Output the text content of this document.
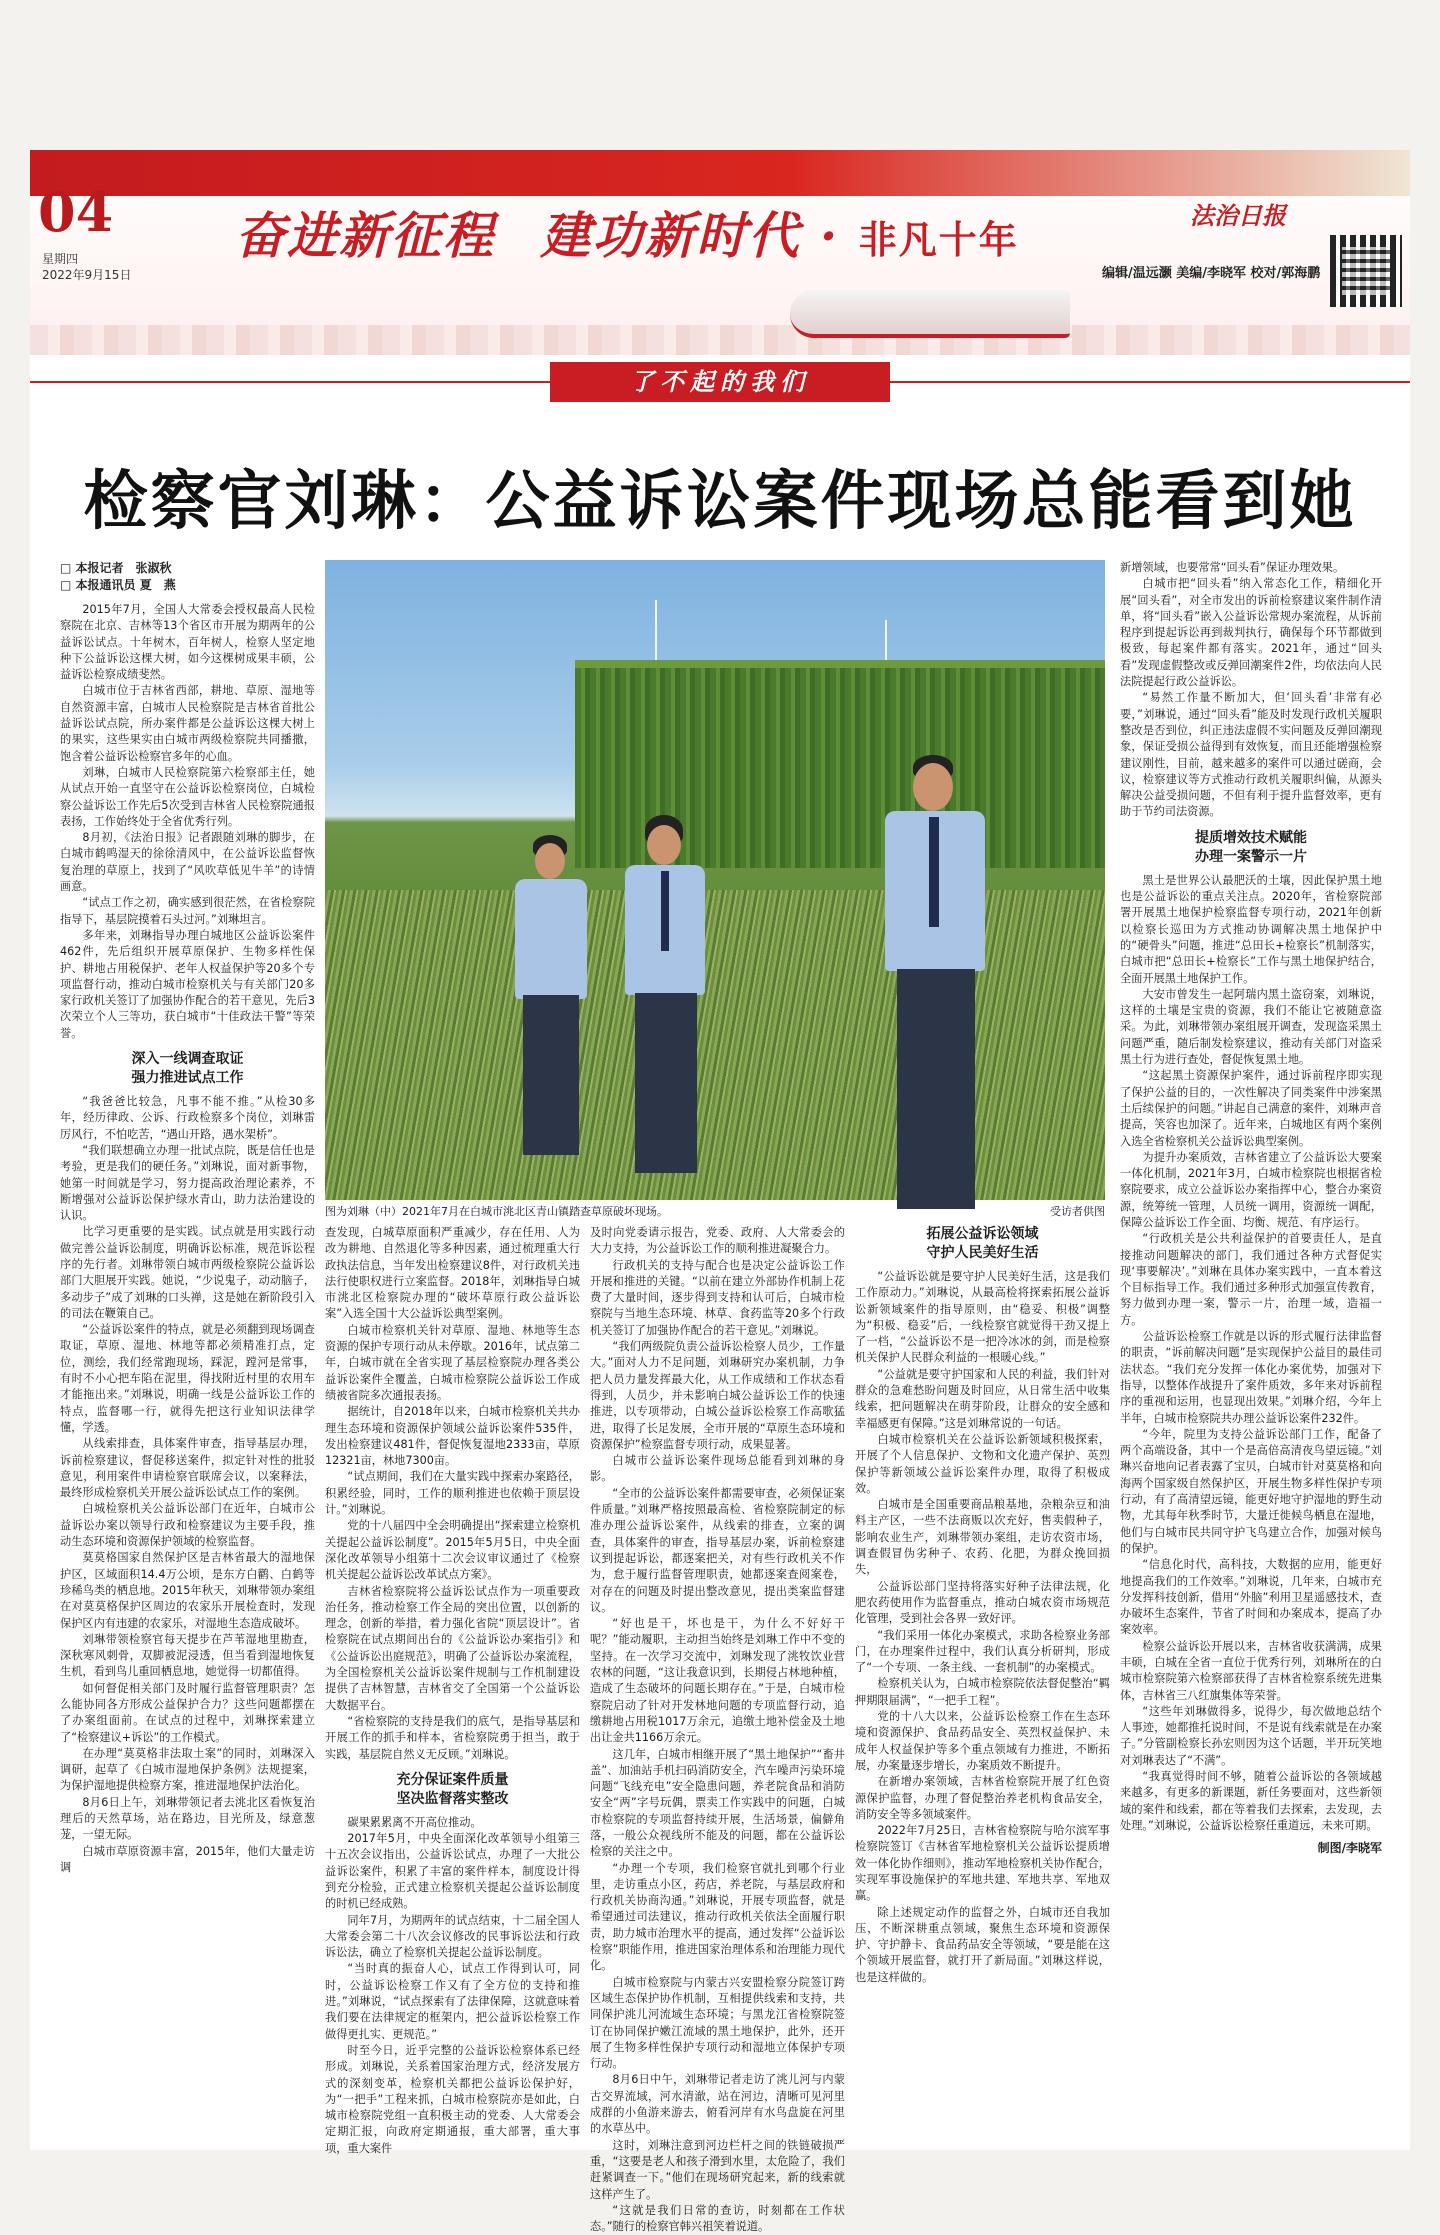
04
星期四
2022年9月15日
奋进新征程 建功新时代 · 非凡十年
法治日报
编辑/温远灏 美编/李晓军 校对/郭海鹏
了不起的我们
检察官刘琳：公益诉讼案件现场总能看到她
□ 本报记者　张淑秋
□ 本报通讯员 夏　燕
图为刘琳（中）2021年7月在白城市洮北区青山镇踏查草原破坏现场。	受访者供图

2015年7月，全国人大常委会授权最高人民检察院在北京、吉林等13个省区市开展为期两年的公益诉讼试点。十年树木，百年树人，检察人坚定地种下公益诉讼这棵大树，如今这棵树成果丰硕，公益诉讼检察成绩斐然。

白城市位于吉林省西部，耕地、草原、湿地等自然资源丰富，白城市人民检察院是吉林省首批公益诉讼试点院，所办案件都是公益诉讼这棵大树上的果实，这些果实由白城市两级检察院共同播撒，饱含着公益诉讼检察官多年的心血。

刘琳，白城市人民检察院第六检察部主任，她从试点开始一直坚守在公益诉讼检察岗位，白城检察公益诉讼工作先后5次受到吉林省人民检察院通报表扬，工作始终处于全省优秀行列。

8月初，《法治日报》记者跟随刘琳的脚步，在白城市鹤鸣湿天的徐徐清风中，在公益诉讼监督恢复治理的草原上，找到了“风吹草低见牛羊”的诗情画意。

“试点工作之初，确实感到很茫然，在省检察院指导下，基层院摸着石头过河。”刘琳坦言。

多年来，刘琳指导办理白城地区公益诉讼案件462件，先后组织开展草原保护、生物多样性保护、耕地占用税保护、老年人权益保护等20多个专项监督行动，推动白城市检察机关与有关部门20多家行政机关签订了加强协作配合的若干意见，先后3次荣立个人三等功，获白城市“十佳政法干警”等荣誉。

深入一线调查取证
强力推进试点工作

“我爸爸比较急，凡事不能不推。”从检30多年，经历律政、公诉、行政检察多个岗位，刘琳雷厉风行，不怕吃苦，“遇山开路，遇水架桥”。

“我们联想确立办理一批试点院，既是信任也是考验，更是我们的硬任务。”刘琳说，面对新事物，她第一时间就是学习，努力提高政治理论素养，不断增强对公益诉讼保护绿水青山，助力法治建设的认识。

比学习更重要的是实践。试点就是用实践行动做完善公益诉讼制度，明确诉讼标准，规范诉讼程序的先行者。刘琳带领白城市两级检察院公益诉讼部门大胆展开实践。她说，“少说鬼子，动动脑子，多动步子”成了刘琳的口头禅，这是她在新阶段引入的司法在鞭策自己。

“公益诉讼案件的特点，就是必须翻到现场调查取证，草原、湿地、林地等都必须精准打点，定位，测绘，我们经常跑现场，踩泥，蹚河是常事，有时不小心把车陷在泥里，得找附近村里的农用车才能拖出来。”刘琳说，明确一线是公益诉讼工作的特点，监督哪一行，就得先把这行业知识法律学懂，学透。

从线索排查，具体案件审查，指导基层办理，诉前检察建议，督促移送案件，拟定针对性的批驳意见，利用案件申请检察官联席会议，以案释法，最终形成检察机关开展公益诉讼试点工作的案例。

白城检察机关公益诉讼部门在近年，白城市公益诉讼办案以领导行政和检察建议为主要手段，推动生态环境和资源保护领域的检察监督。

莫莫格国家自然保护区是吉林省最大的湿地保护区，区域面积14.4万公顷，是东方白鹳、白鹤等珍稀鸟类的栖息地。2015年秋天，刘琳带领办案组在对莫莫格保护区周边的农家乐开展检查时，发现保护区内有违建的农家乐，对湿地生态造成破坏。

刘琳带领检察官每天提步在芦苇湿地里勘查，深秋寒风刺骨，双脚被泥浸透，但当看到湿地恢复生机，看到鸟儿重回栖息地，她觉得一切都值得。

如何督促相关部门及时履行监督管理职责？怎么能协同各方形成公益保护合力？这些问题都摆在了办案组面前。在试点的过程中，刘琳探索建立了“检察建议+诉讼”的工作模式。

在办理“莫莫格非法取土案”的同时，刘琳深入调研，起草了《白城市湿地保护条例》法规提案，为保护湿地提供检察方案，推进湿地保护法治化。

8月6日上午，刘琳带领记者去洮北区看恢复治理后的天然草场，站在路边，目光所及，绿意葱茏，一望无际。

白城市草原资源丰富，2015年，他们大量走访调

查发现，白城草原面积严重减少，存在任用、人为改为耕地、自然退化等多种因素，通过梳理重大行政执法信息，当年发出检察建议8件，对行政机关违法行使职权进行立案监督。2018年，刘琳指导白城市洮北区检察院办理的“破坏草原行政公益诉讼案”入选全国十大公益诉讼典型案例。

白城市检察机关针对草原、湿地、林地等生态资源的保护专项行动从未停歇。2016年，试点第二年，白城市就在全省实现了基层检察院办理各类公益诉讼案件全覆盖，白城市检察院公益诉讼工作成绩被省院多次通报表扬。

据统计，自2018年以来，白城市检察机关共办理生态环境和资源保护领域公益诉讼案件535件，发出检察建议481件，督促恢复湿地2333亩，草原12321亩，林地7300亩。

“试点期间，我们在大量实践中探索办案路径，积累经验，同时，工作的顺利推进也依赖于顶层设计。”刘琳说。

党的十八届四中全会明确提出“探索建立检察机关提起公益诉讼制度”。2015年5月5日，中央全面深化改革领导小组第十二次会议审议通过了《检察机关提起公益诉讼改革试点方案》。

吉林省检察院将公益诉讼试点作为一项重要政治任务，推动检察工作全局的突出位置，以创新的理念，创新的举措，着力强化省院“顶层设计”。省检察院在试点期间出台的《公益诉讼办案指引》和《公益诉讼出庭规范》，明确了公益诉讼办案流程，为全国检察机关公益诉讼案件规制与工作机制建设提供了吉林智慧，吉林省交了全国第一个公益诉讼大数据平台。

“省检察院的支持是我们的底气，是指导基层和开展工作的抓手和样本，省检察院勇于担当，敢于实践，基层院自然义无反顾。”刘琳说。

充分保证案件质量
坚决监督落实整改

碳果累累离不开高位推动。

2017年5月，中央全面深化改革领导小组第三十五次会议指出，公益诉讼试点，办理了一大批公益诉讼案件，积累了丰富的案件样本，制度设计得到充分检验，正式建立检察机关提起公益诉讼制度的时机已经成熟。

同年7月，为期两年的试点结束，十二届全国人大常委会第二十八次会议修改的民事诉讼法和行政诉讼法，确立了检察机关提起公益诉讼制度。

“当时真的振奋人心，试点工作得到认可，同时，公益诉讼检察工作又有了全方位的支持和推进。”刘琳说，“试点探索有了法律保障，这就意味着我们要在法律规定的框架内，把公益诉讼检察工作做得更扎实、更规范。”

时至今日，近乎完整的公益诉讼检察体系已经形成。刘琳说，关系着国家治理方式，经济发展方式的深刻变革，检察机关都把公益诉讼保护好，为“一把手”工程来抓，白城市检察院亦是如此，白城市检察院党组一直积极主动的党委、人大常委会定期汇报，向政府定期通报，重大部署，重大事项，重大案件

及时向党委请示报告，党委、政府、人大常委会的大力支持，为公益诉讼工作的顺利推进凝聚合力。

行政机关的支持与配合也是决定公益诉讼工作开展和推进的关键。“以前在建立外部协作机制上花费了大量时间，逐步得到支持和认可后，白城市检察院与当地生态环境、林草、食药监等20多个行政机关签订了加强协作配合的若干意见。”刘琳说。

“我们两级院负责公益诉讼检察人员少，工作量大。”面对人力不足问题，刘琳研究办案机制，力争把人员力量发挥最大化，从工作成绩和工作状态看得到，人员少，并未影响白城公益诉讼工作的快速推进，以专项带动，白城公益诉讼检察工作高歌猛进，取得了长足发展，全市开展的“草原生态环境和资源保护”检察监督专项行动，成果显著。

白城市公益诉讼案件现场总能看到刘琳的身影。

“全市的公益诉讼案件都需要审查，必须保证案件质量。”刘琳严格按照最高检、省检察院制定的标准办理公益诉讼案件，从线索的排查，立案的调查，具体案件的审查，指导基层办案，诉前检察建议到提起诉讼，都逐案把关，对有些行政机关不作为，怠于履行监督管理职责，她都逐案查阅案卷，对存在的问题及时提出整改意见，提出类案监督建议。

“好也是干，坏也是干，为什么不好好干呢？”能动履职，主动担当始终是刘琳工作中不变的坚持。在一次学习交流中，刘琳发现了洮牧饮业营农林的问题，“这让我意识到，长期侵占林地种植，造成了生态破坏的问题长期存在。”于是，白城市检察院启动了针对开发林地问题的专项监督行动，追缴耕地占用税1017万余元，追缴土地补偿金及土地出让金共1166万余元。

这几年，白城市相继开展了“黑土地保护”“畜井盖”、加油站手机扫码消防安全，汽车噪声污染环境问题“飞线充电”安全隐患问题，养老院食品和消防安全“两”字号玩偶，票卖工作实践中的问题，白城市检察院的专项监督持续开展，生活场景，偏僻角落，一般公众视线所不能及的问题，都在公益诉讼检察的关注之中。

“办理一个专项，我们检察官就扎到哪个行业里，走访重点小区，药店，养老院，与基层政府和行政机关协商沟通。”刘琳说，开展专项监督，就是希望通过司法建议，推动行政机关依法全面履行职责，助力城市治理水平的提高，通过发挥“公益诉讼检察”职能作用，推进国家治理体系和治理能力现代化。

白城市检察院与内蒙古兴安盟检察分院签订跨区域生态保护协作机制，互相提供线索和支持，共同保护洮儿河流域生态环境；与黑龙江省检察院签订在协同保护嫩江流域的黑土地保护，此外，还开展了生物多样性保护专项行动和湿地立体保护专项行动。

8月6日中午，刘琳带记者走访了洮儿河与内蒙古交界流域，河水清澈，站在河边，清晰可见河里成群的小鱼游来游去，俯看河岸有水鸟盘旋在河里的水草丛中。

这时，刘琳注意到河边栏杆之间的铁链破损严重，“这要是老人和孩子滑到水里，太危险了，我们赶紧调查一下。”他们在现场研究起来，新的线索就这样产生了。

“这就是我们日常的查访，时刻都在工作状态。”随行的检察官韩兴祖笑着说道。

拓展公益诉讼领域
守护人民美好生活

“公益诉讼就是要守护人民美好生活，这是我们工作原动力。”刘琳说，从最高检将探索拓展公益诉讼新领域案件的指导原则，由“稳妥、积极”调整为“积极、稳妥”后，一线检察官就觉得干劲又提上了一档，“公益诉讼不是一把冷冰冰的剑，而是检察机关保护人民群众利益的一根暖心线。”

“公益就是要守护国家和人民的利益，我们针对群众的急难愁盼问题及时回应，从日常生活中收集线索，把问题解决在萌芽阶段，让群众的安全感和幸福感更有保障。”这是刘琳常说的一句话。

白城市检察机关在公益诉讼新领域积极探索，开展了个人信息保护、文物和文化遗产保护、英烈保护等新领域公益诉讼案件办理，取得了积极成效。

白城市是全国重要商品粮基地，杂粮杂豆和油料主产区，一些不法商贩以次充好，售卖假种子，影响农业生产，刘琳带领办案组，走访农资市场，调查假冒伪劣种子、农药、化肥，为群众挽回损失，

公益诉讼部门坚持将落实好种子法律法规，化肥农药使用作为监督重点，推动白城农资市场规范化管理，受到社会各界一致好评。

“我们采用一体化办案模式，求助各检察业务部门，在办理案件过程中，我们认真分析研判，形成了“一个专项、一条主线、一套机制”的办案模式。

检察机关认为，白城市检察院依法督促整治“羁押期限届满”，“一把手工程”。

党的十八大以来，公益诉讼检察工作在生态环境和资源保护、食品药品安全、英烈权益保护、未成年人权益保护等多个重点领域有力推进，不断拓展，办案量逐步增长，办案质效不断提升。

在新增办案领域，吉林省检察院开展了红色资源保护监督，办理了督促整治养老机构食品安全，消防安全等多领域案件。

2022年7月25日，吉林省检察院与哈尔滨军事检察院签订《吉林省军地检察机关公益诉讼提质增效一体化协作细则》，推动军地检察机关协作配合，实现军事设施保护的军地共建、军地共享、军地双赢。

除上述规定动作的监督之外，白城市还自我加压，不断深耕重点领域，聚焦生态环境和资源保护、守护静卡、食品药品安全等领域，“要是能在这个领域开展监督，就打开了新局面。”刘琳这样说，也是这样做的。

新增领域，也要常常“回头看”保证办理效果。

白城市把“回头看”纳入常态化工作，精细化开展“回头看”，对全市发出的诉前检察建议案件制作清单，将“回头看”嵌入公益诉讼常规办案流程，从诉前程序到提起诉讼再到裁判执行，确保每个环节都做到极致，每起案件都有落实。2021年，通过“回头看”发现虚假整改或反弹回潮案件2件，均依法向人民法院提起行政公益诉讼。

“易然工作量不断加大，但‘回头看’非常有必要，”刘琳说，通过“回头看”能及时发现行政机关履职整改是否到位，纠正违法虚假不实问题及反弹回潮现象，保证受损公益得到有效恢复，而且还能增强检察建议刚性，目前，越来越多的案件可以通过磋商，会议，检察建议等方式推动行政机关履职纠偏，从源头解决公益受损问题，不但有利于提升监督效率，更有助于节约司法资源。

提质增效技术赋能
办理一案警示一片

黑土是世界公认最肥沃的土壤，因此保护黑土地也是公益诉讼的重点关注点。2020年，省检察院部署开展黑土地保护检察监督专项行动，2021年创新以检察长巡田为方式推动协调解决黑土地保护中的“硬骨头”问题，推进“总田长+检察长”机制落实，白城市把“总田长+检察长”工作与黑土地保护结合，全面开展黑土地保护工作。

大安市曾发生一起阿瑞内黑土盗窃案，刘琳说，这样的土壤是宝贵的资源，我们不能让它被随意盗采。为此，刘琳带领办案组展开调查，发现盗采黑土问题严重，随后制发检察建议，推动有关部门对盗采黑土行为进行查处，督促恢复黑土地。

“这起黑土资源保护案件，通过诉前程序即实现了保护公益的目的，一次性解决了同类案件中涉案黑土后续保护的问题。”讲起自己满意的案件，刘琳声音提高，笑容也加深了。近年来，白城地区有两个案例入选全省检察机关公益诉讼典型案例。

为提升办案质效，吉林省建立了公益诉讼大要案一体化机制，2021年3月，白城市检察院也根据省检察院要求，成立公益诉讼办案指挥中心，整合办案资源，统筹统一管理，人员统一调用，资源统一调配，保障公益诉讼工作全面、均衡、规范、有序运行。

“行政机关是公共利益保护的首要责任人，是直接推动问题解决的部门，我们通过各种方式督促实现‘事要解决’。”刘琳在具体办案实践中，一直本着这个目标指导工作。我们通过多种形式加强宣传教育，努力做到办理一案，警示一片，治理一域，造福一方。

公益诉讼检察工作就是以诉的形式履行法律监督的职责，“诉前解决问题”是实现保护公益目的最佳司法状态。“我们充分发挥一体化办案优势，加强对下指导，以整体作战提升了案件质效，多年来对诉前程序的重视和运用，也显现出效果。”刘琳介绍，今年上半年，白城市检察院共办理公益诉讼案件232件。

“今年，院里为支持公益诉讼部门工作，配备了两个高端设备，其中一个是高倍高清夜鸟望远镜。”刘琳兴奋地向记者表露了宝贝，白城市针对莫莫格和向海两个国家级自然保护区，开展生物多样性保护专项行动，有了高清望远镜，能更好地守护湿地的野生动物，尤其每年秋季时节，大量迁徙候鸟栖息在湿地，他们与白城市民共同守护飞鸟建立合作，加强对候鸟的保护。

“信息化时代，高科技，大数据的应用，能更好地提高我们的工作效率。”刘琳说，几年来，白城市充分发挥科技创新，借用“外脑”利用卫星遥感技术，查办破坏生态案件，节省了时间和办案成本，提高了办案效率。

检察公益诉讼开展以来，吉林省收获满满，成果丰硕，白城在全省一直位于优秀行列，刘琳所在的白城市检察院第六检察部获得了吉林省检察系统先进集体，吉林省三八红旗集体等荣誉。

“这些年刘琳做得多，说得少，每次做地总结个人事迹，她都推托说时间，不是说有线索就是在办案子。”分管副检察长孙宏则因为这个话题，半开玩笑地对刘琳表达了“不满”。

“我真觉得时间不够，随着公益诉讼的各领域越来越多，有更多的新课题，新任务要面对，这些新领域的案件和线索，都在等着我们去探索，去发现，去处理。”刘琳说，公益诉讼检察任重道远，未来可期。

制图/李晓军
